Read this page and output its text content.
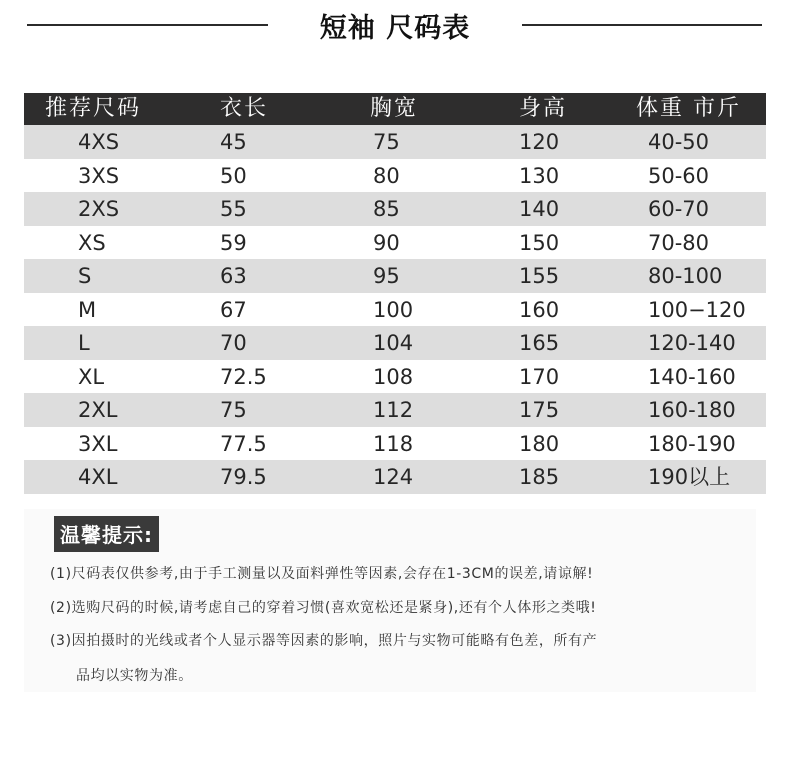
短袖 尺码表
推荐尺码	衣长	胸宽	身高	体重 市斤
4XS	45	75	120	40-50
3XS	50	80	130	50-60
2XS	55	85	140	60-70
XS	59	90	150	70-80
S	63	95	155	80-100
M	67	100	160	100−120
L	70	104	165	120-140
XL	72.5	108	170	140-160
2XL	75	112	175	160-180
3XL	77.5	118	180	180-190
4XL	79.5	124	185	190以上
温馨提示:
(1)尺码表仅供参考,由于手工测量以及面料弹性等因素,会存在1-3CM的误差,请谅解!
(2)选购尺码的时候,请考虑自己的穿着习惯(喜欢宽松还是紧身),还有个人体形之类哦!
(3)因拍摄时的光线或者个人显示器等因素的影响，照片与实物可能略有色差，所有产
品均以实物为准。
